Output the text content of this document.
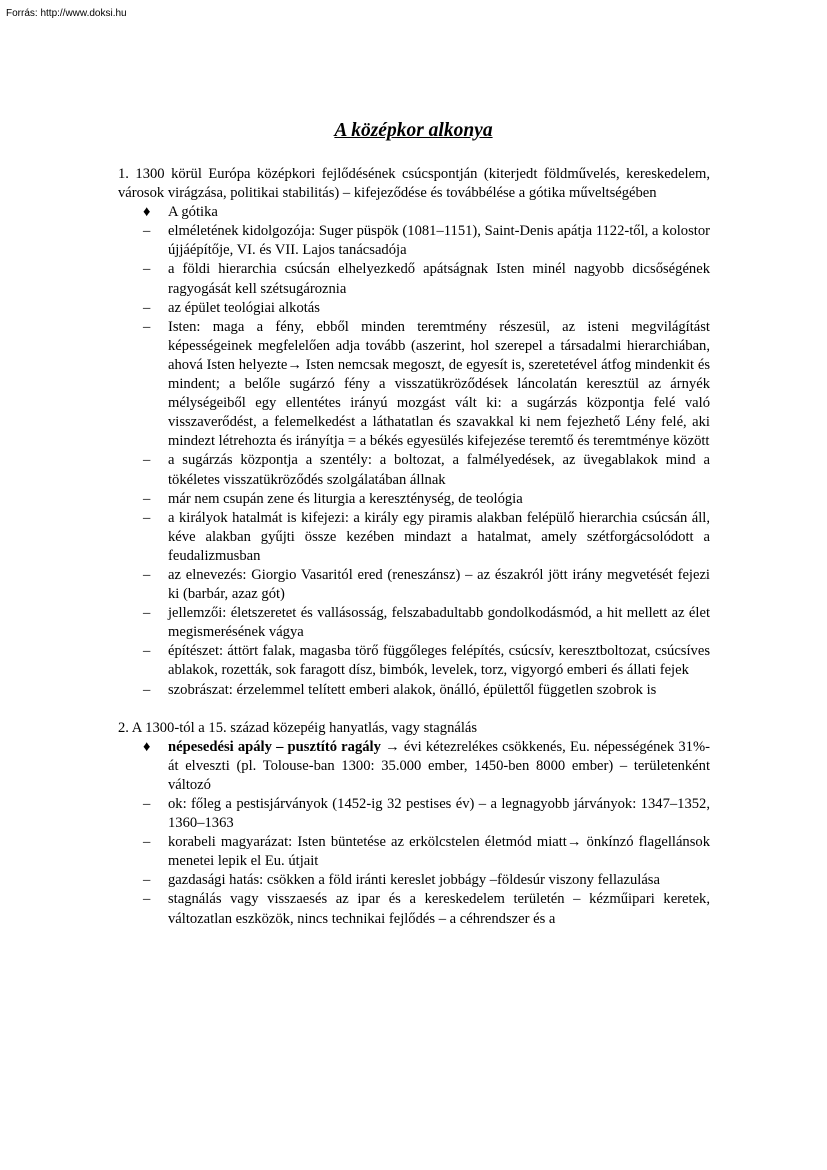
Forrás: http://www.doksi.hu
A középkor alkonya

1. 1300 körül Európa középkori fejlődésének csúcspontján (kiterjedt földművelés, kereskedelem, városok virágzása, politikai stabilitás) – kifejeződése és továbbélése a gótika műveltségében

♦	A gótika
–	elméletének kidolgozója: Suger püspök (1081–1151), Saint-Denis apátja 1122-től, a kolostor újjáépítője, VI. és VII. Lajos tanácsadója
–	a földi hierarchia csúcsán elhelyezkedő apátságnak Isten minél nagyobb dicsőségének ragyogását kell szétsugároznia
–	az épület teológiai alkotás
–	Isten: maga a fény, ebből minden teremtmény részesül, az isteni megvilágítást képességeinek megfelelően adja tovább (aszerint, hol szerepel a társadalmi hierarchiában, ahová Isten helyezte→ Isten nemcsak megoszt, de egyesít is, szeretetével átfog mindenkit és mindent; a belőle sugárzó fény a visszatükröződések láncolatán keresztül az árnyék mélységeiből egy ellentétes irányú mozgást vált ki: a sugárzás központja felé való visszaverődést, a felemelkedést a láthatatlan és szavakkal ki nem fejezhető Lény felé, aki mindezt létrehozta és irányítja = a békés egyesülés kifejezése teremtő és teremtménye között
–	a sugárzás központja a szentély: a boltozat, a falmélyedések, az üvegablakok mind a tökéletes visszatükröződés szolgálatában állnak
–	már nem csupán zene és liturgia a kereszténység, de teológia
–	a királyok hatalmát is kifejezi: a király egy piramis alakban felépülő hierarchia csúcsán áll, kéve alakban gyűjti össze kezében mindazt a hatalmat, amely szétforgácsolódott a feudalizmusban
–	az elnevezés: Giorgio Vasaritól ered (reneszánsz) – az északról jött irány megvetését fejezi ki (barbár, azaz gót)
–	jellemzői: életszeretet és vallásosság, felszabadultabb gondolkodásmód, a hit mellett az élet megismerésének vágya
–	építészet: áttört falak, magasba törő függőleges felépítés, csúcsív, keresztboltozat, csúcsíves ablakok, rozetták, sok faragott dísz, bimbók, levelek, torz, vigyorgó emberi és állati fejek
–	szobrászat: érzelemmel telített emberi alakok, önálló, épülettől független szobrok is

2. A 1300-tól a 15. század közepéig hanyatlás, vagy stagnálás

♦	népesedési apály – pusztító ragály → évi kétezrelékes csökkenés, Eu. népességének 31%-át elveszti (pl. Tolouse-ban 1300: 35.000 ember, 1450-ben 8000 ember) – területenként változó
–	ok: főleg a pestisjárványok (1452-ig 32 pestises év) – a legnagyobb járványok: 1347–1352, 1360–1363
–	korabeli magyarázat: Isten büntetése az erkölcstelen életmód miatt→ önkínzó flagellánsok menetei lepik el Eu. útjait
–	gazdasági hatás: csökken a föld iránti kereslet jobbágy –földesúr viszony fellazulása
–	stagnálás vagy visszaesés az ipar és a kereskedelem területén – kézműipari keretek, változatlan eszközök, nincs technikai fejlődés – a céhrendszer és a
